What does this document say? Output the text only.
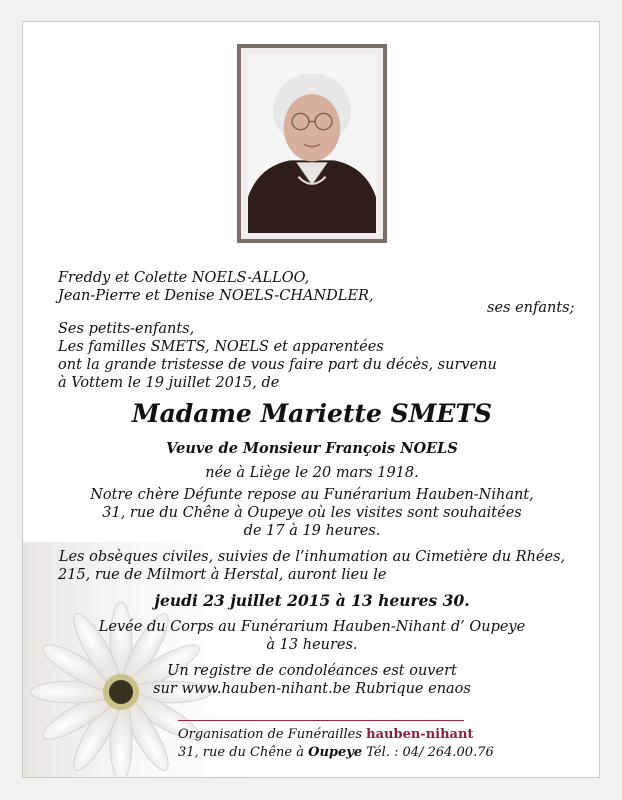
Freddy et Colette NOELS-ALLOO,

Jean-Pierre et Denise NOELS-CHANDLER,

ses enfants;

Ses petits-enfants,

Les familles SMETS, NOELS et apparentées

ont la grande tristesse de vous faire part du décès, survenu

à Vottem le 19 juillet 2015, de

Madame Mariette SMETS

Veuve de Monsieur François NOELS

née à Liège le 20 mars 1918.

Notre chère Défunte repose au Funérarium Hauben-Nihant,

31, rue du Chêne à Oupeye où les visites sont souhaitées

de 17 à 19 heures.

Les obsèques civiles, suivies de l’inhumation au Cimetière du Rhées,

215, rue de Milmort à Herstal, auront lieu le

jeudi 23 juillet 2015 à 13 heures 30.

Levée du Corps au Funérarium Hauben-Nihant d’ Oupeye

à 13 heures.

Un registre de condoléances est ouvert

sur www.hauben-nihant.be Rubrique enaos

Organisation de Funérailles hauben-nihant

31, rue du Chêne à Oupeye Tél. : 04/ 264.00.76
